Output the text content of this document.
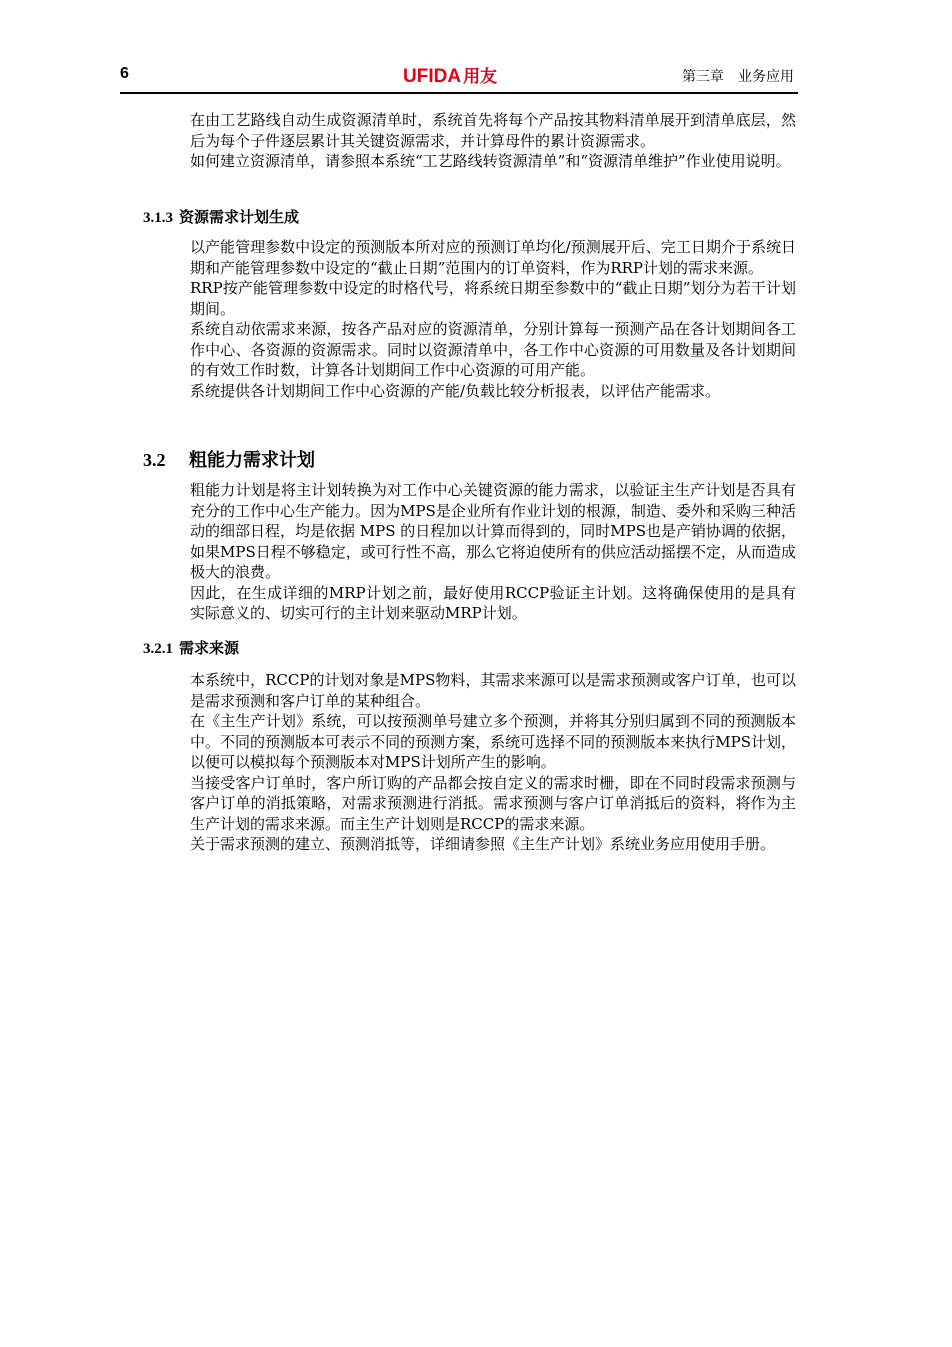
6	UFIDA 用友	第三章　业务应用

在由工艺路线自动生成资源清单时，系统首先将每个产品按其物料清单展开到清单底层，然后为每个子件逐层累计其关键资源需求，并计算母件的累计资源需求。

如何建立资源清单，请参照本系统“工艺路线转资源清单”和“资源清单维护”作业使用说明。

3.1.3 资源需求计划生成

以产能管理参数中设定的预测版本所对应的预测订单均化/预测展开后、完工日期介于系统日期和产能管理参数中设定的“截止日期”范围内的订单资料，作为RRP计划的需求来源。

RRP按产能管理参数中设定的时格代号，将系统日期至参数中的“截止日期”划分为若干计划期间。

系统自动依需求来源，按各产品对应的资源清单，分别计算每一预测产品在各计划期间各工作中心、各资源的资源需求。同时以资源清单中，各工作中心资源的可用数量及各计划期间的有效工作时数，计算各计划期间工作中心资源的可用产能。

系统提供各计划期间工作中心资源的产能/负载比较分析报表，以评估产能需求。

3.2 粗能力需求计划

粗能力计划是将主计划转换为对工作中心关键资源的能力需求，以验证主生产计划是否具有充分的工作中心生产能力。因为MPS是企业所有作业计划的根源，制造、委外和采购三种活动的细部日程，均是依据 MPS 的日程加以计算而得到的，同时MPS也是产销协调的依据，如果MPS日程不够稳定，或可行性不高，那么它将迫使所有的供应活动摇摆不定，从而造成极大的浪费。

因此，在生成详细的MRP计划之前，最好使用RCCP验证主计划。这将确保使用的是具有实际意义的、切实可行的主计划来驱动MRP计划。

3.2.1 需求来源

本系统中，RCCP的计划对象是MPS物料，其需求来源可以是需求预测或客户订单，也可以是需求预测和客户订单的某种组合。

在《主生产计划》系统，可以按预测单号建立多个预测，并将其分别归属到不同的预测版本中。不同的预测版本可表示不同的预测方案，系统可选择不同的预测版本来执行MPS计划，以便可以模拟每个预测版本对MPS计划所产生的影响。

当接受客户订单时，客户所订购的产品都会按自定义的需求时栅，即在不同时段需求预测与客户订单的消抵策略，对需求预测进行消抵。需求预测与客户订单消抵后的资料，将作为主生产计划的需求来源。而主生产计划则是RCCP的需求来源。

关于需求预测的建立、预测消抵等，详细请参照《主生产计划》系统业务应用使用手册。
